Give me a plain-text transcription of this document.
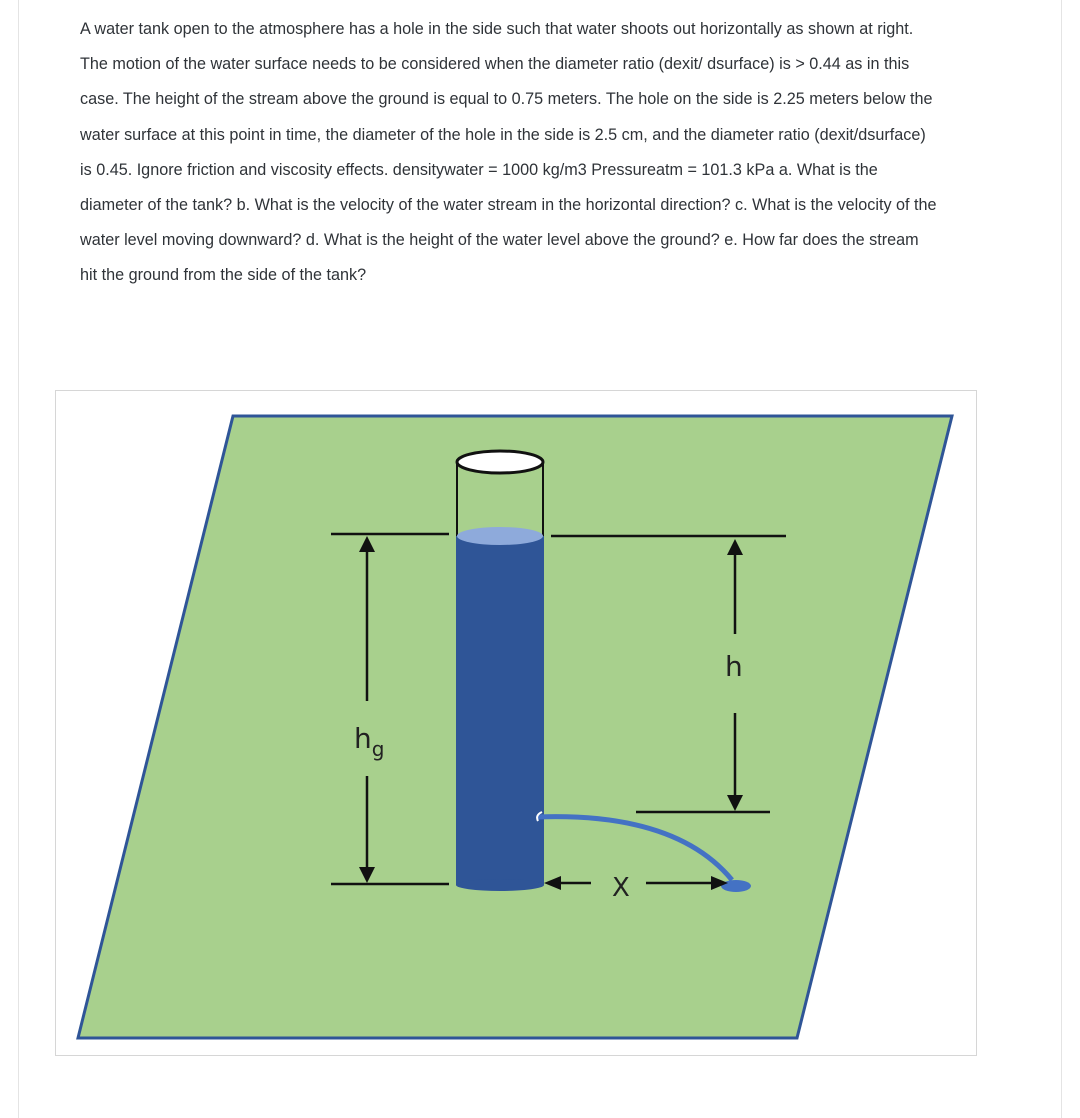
A water tank open to the atmosphere has a hole in the side such that water shoots out horizontally as shown at right. The motion of the water surface needs to be considered when the diameter ratio (dexit/ dsurface) is > 0.44 as in this case. The height of the stream above the ground is equal to 0.75 meters. The hole on the side is 2.25 meters below the water surface at this point in time, the diameter of the hole in the side is 2.5 cm, and the diameter ratio (dexit/dsurface) is 0.45. Ignore friction and viscosity effects. densitywater = 1000 kg/m3 Pressureatm = 101.3 kPa a. What is the diameter of the tank? b. What is the velocity of the water stream in the horizontal direction? c. What is the velocity of the water level moving downward? d. What is the height of the water level above the ground? e. How far does the stream hit the ground from the side of the tank?

$h_g$
h
X
